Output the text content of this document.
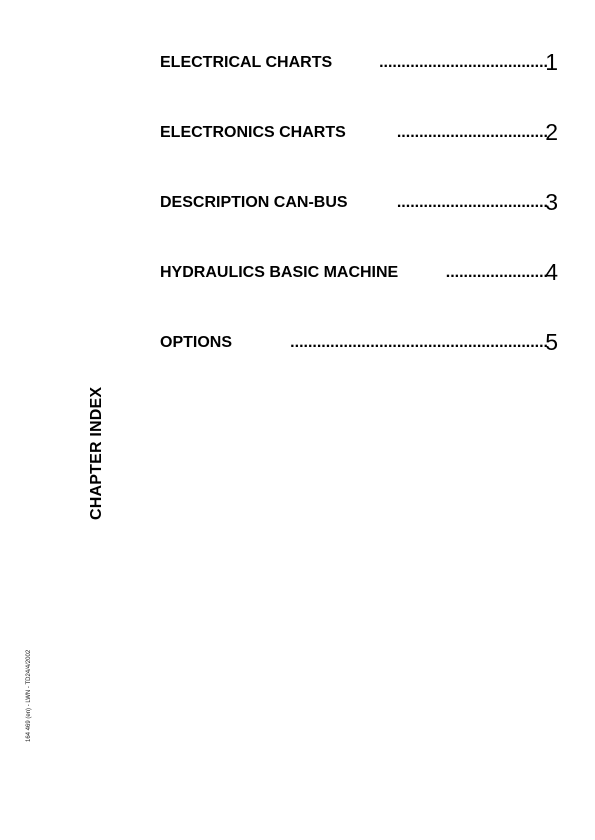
......................................
ELECTRICAL CHARTS	1
..................................
ELECTRONICS CHARTS	2
..................................
DESCRIPTION CAN-BUS	3
.......................
HYDRAULICS BASIC MACHINE	4
..........................................................
OPTIONS	5
CHAPTER INDEX
164 469 (en) - LWN - TD24/4/2002
